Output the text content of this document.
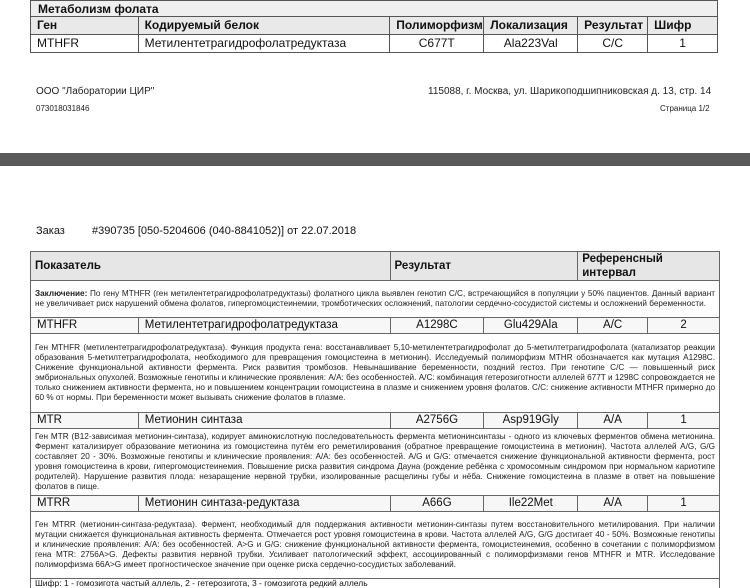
Метаболизм фолата					
Ген	Кодируемый белок	Полиморфизм	Локализация	Результат	Шифр
MTHFR	Метилентетрагидрофолатредуктаза	C677T	Ala223Val	C/C	1
ООО "Лаборатории ЦИР"	115088, г. Москва, ул. Шарикоподшипниковская д. 13, стр. 14
073018031846	Страница 1/2
Заказ #390735 [050-5204606 (040-8841052)] от 22.07.2018
Показатель		Результат		Референсный интервал	
Заключение: По гену MTHFR (ген метилентетрагидрофолатредуктазы) фолатного цикла выявлен генотип C/C, встречающийся в популяции у 50% пациентов. Данный вариант не увеличивает риск нарушений обмена фолатов, гипергомоцистеинемии, тромботических осложнений, патологии сердечно-сосудистой системы и осложнений беременности.					
MTHFR	Метилентетрагидрофолатредуктаза	A1298C	Glu429Ala	A/C	2
Ген MTHFR (метилентетрагидрофолатредуктаза). Функция продукта гена: восстанавливает 5,10-метилентетрагидрофолат до 5-метилтетрагидрофолата (катализатор реакции образования 5-метилтетрагидрофолата, необходимого для превращения гомоцистеина в метионин). Исследуемый полиморфизм MTHR обозначается как мутация A1298C. Снижение функциональной активности фермента. Риск развития тромбозов. Невынашивание беременности, поздний гестоз. При генотипе C/C — повышенный риск эмбриональных опухолей. Возможные генотипы и клинические проявления: A/A: без особенностей. A/C: комбинация гетерозиготности аллелей 677T и 1298C сопровождается не только снижением активности фермента, но и повышением концентрации гомоцистеина в плазме и снижением уровня фолатов. C/C: снижение активности MTHFR примерно до 60 % от нормы. При беременности может вызывать снижение фолатов в плазме.					
MTR	Метионин синтаза	A2756G	Asp919Gly	A/A	1
Ген MTR (B12-зависимая метионин-синтаза), кодирует аминокислотную последовательность фермента метионинсинтазы - одного из ключевых ферментов обмена метионина. Фермент катализирует образование метионина из гомоцистеина путём его реметилирования (обратное превращение гомоцистеина в метионин). Частота аллелей A/G, G/G составляет 20 - 30%. Возможные генотипы и клинические проявления: A/A: без особенностей. A/G и G/G: отмечается снижение функциональной активности фермента, рост уровня гомоцистеина в крови, гипергомоцистеинемия. Повышение риска развития синдрома Дауна (рождение ребёнка с хромосомным синдромом при нормальном кариотипе родителей). Нарушение развития плода: незаращение нервной трубки, изолированные расщелины губы и нёба. Снижение гомоцистеина в плазме в ответ на повышение фолатов в пище.					
MTRR	Метионин синтаза-редуктаза	A66G	Ile22Met	A/A	1
Ген MTRR (метионин-синтаза-редуктаза). Фермент, необходимый для поддержания активности метионин-синтазы путем восстановительного метилирования. При наличии мутации снижается функциональная активность фермента. Отмечается рост уровня гомоцистеина в крови. Частота аллелей A/G, G/G достигает 40 - 50%. Возможные генотипы и клинические проявления: A/A: без особенностей. A>G и G/G: снижение функциональной активности фермента, гомоцистеинемия, особенно в сочетании с полиморфизмом гена MTR: 2756A>G. Дефекты развития нервной трубки. Усиливает патологический эффект, ассоциированный с полиморфизмами генов MTHFR и MTR. Исследование полиморфизма 66A>G имеет прогностическое значение при оценке риска сердечно-сосудистых заболеваний.					
Шифр: 1 - гомозигота частый аллель, 2 - гетерозигота, 3 - гомозигота редкий аллель					
